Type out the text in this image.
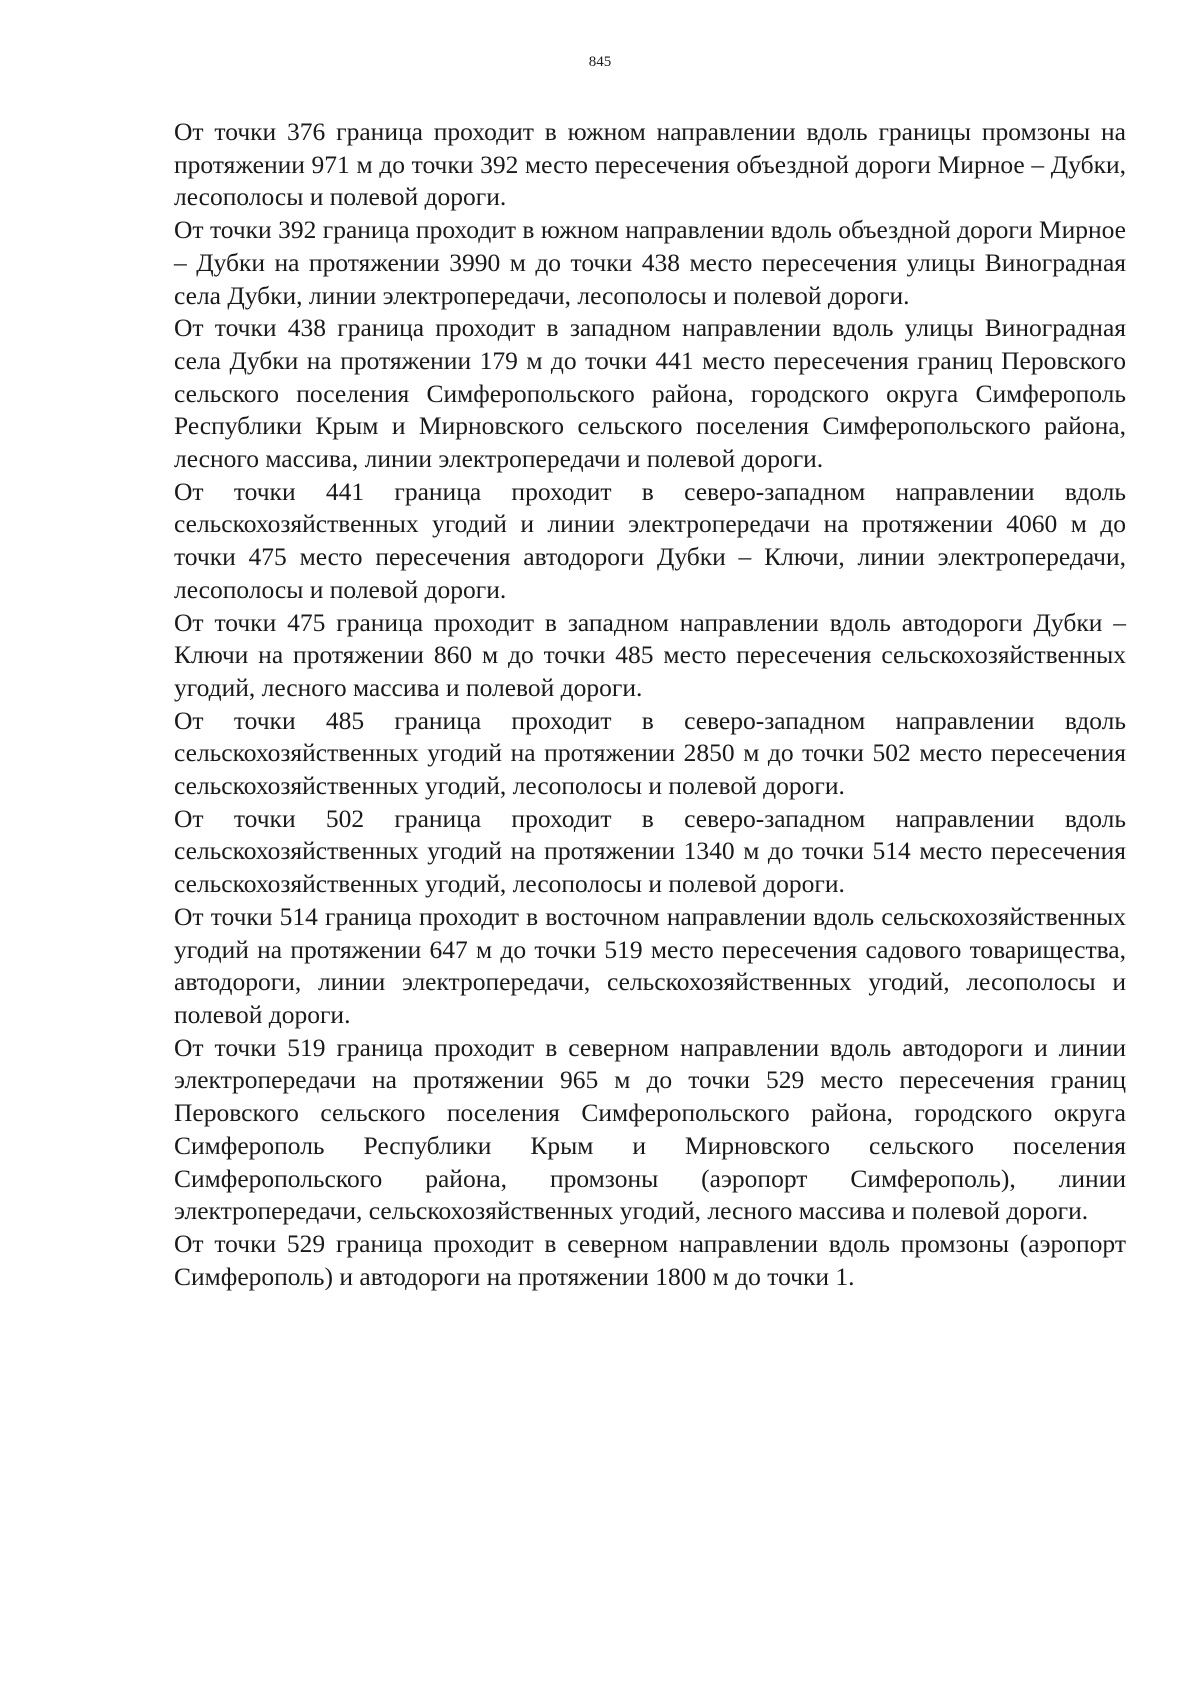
845

От точки 376 граница проходит в южном направлении вдоль границы промзоны на протяжении 971 м до точки 392 место пересечения объездной дороги Мирное – Дубки, лесополосы и полевой дороги.

От точки 392 граница проходит в южном направлении вдоль объездной дороги Мирное – Дубки на протяжении 3990 м до точки 438 место пересечения улицы Виноградная села Дубки, линии электропередачи, лесополосы и полевой дороги.

От точки 438 граница проходит в западном направлении вдоль улицы Виноградная села Дубки на протяжении 179 м до точки 441 место пересечения границ Перовского сельского поселения Симферопольского района, городского округа Симферополь Республики Крым и Мирновского сельского поселения Симферопольского района, лесного массива, линии электропередачи и полевой дороги.

От точки 441 граница проходит в северо-западном направлении вдоль сельскохозяйственных угодий и линии электропередачи на протяжении 4060 м до точки 475 место пересечения автодороги Дубки – Ключи, линии электропередачи, лесополосы и полевой дороги.

От точки 475 граница проходит в западном направлении вдоль автодороги Дубки – Ключи на протяжении 860 м до точки 485 место пересечения сельскохозяйственных угодий, лесного массива и полевой дороги.

От точки 485 граница проходит в северо-западном направлении вдоль сельскохозяйственных угодий на протяжении 2850 м до точки 502 место пересечения сельскохозяйственных угодий, лесополосы и полевой дороги.

От точки 502 граница проходит в северо-западном направлении вдоль сельскохозяйственных угодий на протяжении 1340 м до точки 514 место пересечения сельскохозяйственных угодий, лесополосы и полевой дороги.

От точки 514 граница проходит в восточном направлении вдоль сельскохозяйственных угодий на протяжении 647 м до точки 519 место пересечения садового товарищества, автодороги, линии электропередачи, сельскохозяйственных угодий, лесополосы и полевой дороги.

От точки 519 граница проходит в северном направлении вдоль автодороги и линии электропередачи на протяжении 965 м до точки 529 место пересечения границ Перовского сельского поселения Симферопольского района, городского округа Симферополь Республики Крым и Мирновского сельского поселения Симферопольского района, промзоны (аэропорт Симферополь), линии электропередачи, сельскохозяйственных угодий, лесного массива и полевой дороги.

От точки 529 граница проходит в северном направлении вдоль промзоны (аэропорт Симферополь) и автодороги на протяжении 1800 м до точки 1.
